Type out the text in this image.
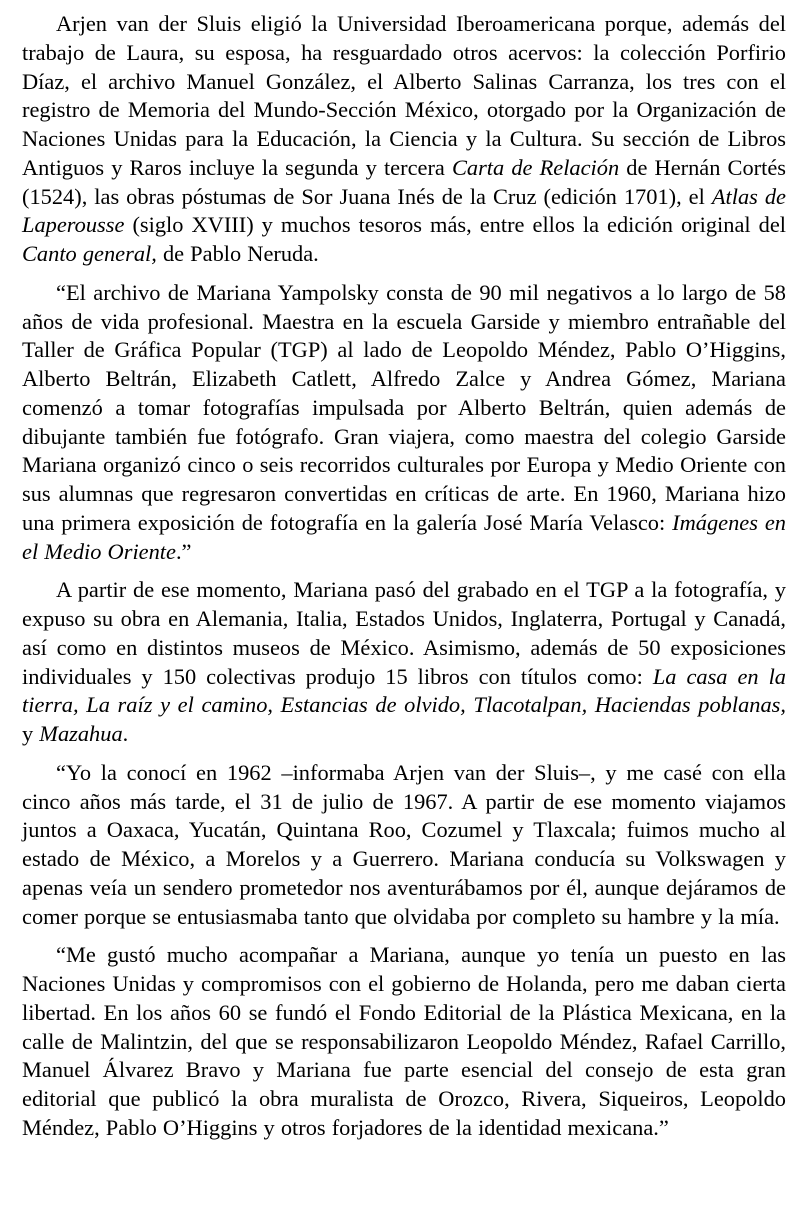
Arjen van der Sluis eligió la Universidad Iberoamericana porque, además del trabajo de Laura, su esposa, ha resguardado otros acervos: la colección Porfirio Díaz, el archivo Manuel González, el Alberto Salinas Carranza, los tres con el registro de Memoria del Mundo-Sección México, otorgado por la Organización de Naciones Unidas para la Educación, la Ciencia y la Cultura. Su sección de Libros Antiguos y Raros incluye la segunda y tercera Carta de Relación de Hernán Cortés (1524), las obras póstumas de Sor Juana Inés de la Cruz (edición 1701), el Atlas de Laperousse (siglo XVIII) y muchos tesoros más, entre ellos la edición original del Canto general, de Pablo Neruda.

“El archivo de Mariana Yampolsky consta de 90 mil negativos a lo largo de 58 años de vida profesional. Maestra en la escuela Garside y miembro entrañable del Taller de Gráfica Popular (TGP) al lado de Leopoldo Méndez, Pablo O’Higgins, Alberto Beltrán, Elizabeth Catlett, Alfredo Zalce y Andrea Gómez, Mariana comenzó a tomar fotografías impulsada por Alberto Beltrán, quien además de dibujante también fue fotógrafo. Gran viajera, como maestra del colegio Garside Mariana organizó cinco o seis recorridos culturales por Europa y Medio Oriente con sus alumnas que regresaron convertidas en críticas de arte. En 1960, Mariana hizo una primera exposición de fotografía en la galería José María Velasco: Imágenes en el Medio Oriente.”

A partir de ese momento, Mariana pasó del grabado en el TGP a la fotografía, y expuso su obra en Alemania, Italia, Estados Unidos, Inglaterra, Portugal y Canadá, así como en distintos museos de México. Asimismo, además de 50 exposiciones individuales y 150 colectivas produjo 15 libros con títulos como: La casa en la tierra, La raíz y el camino, Estancias de olvido, Tlacotalpan, Haciendas poblanas, y Mazahua.

“Yo la conocí en 1962 –informaba Arjen van der Sluis–, y me casé con ella cinco años más tarde, el 31 de julio de 1967. A partir de ese momento viajamos juntos a Oaxaca, Yucatán, Quintana Roo, Cozumel y Tlaxcala; fuimos mucho al estado de México, a Morelos y a Guerrero. Mariana conducía su Volkswagen y apenas veía un sendero prometedor nos aventurábamos por él, aunque dejáramos de comer porque se entusiasmaba tanto que olvidaba por completo su hambre y la mía.

“Me gustó mucho acompañar a Mariana, aunque yo tenía un puesto en las Naciones Unidas y compromisos con el gobierno de Holanda, pero me daban cierta libertad. En los años 60 se fundó el Fondo Editorial de la Plástica Mexicana, en la calle de Malintzin, del que se responsabilizaron Leopoldo Méndez, Rafael Carrillo, Manuel Álvarez Bravo y Mariana fue parte esencial del consejo de esta gran editorial que publicó la obra muralista de Orozco, Rivera, Siqueiros, Leopoldo Méndez, Pablo O’Higgins y otros forjadores de la identidad mexicana.”
